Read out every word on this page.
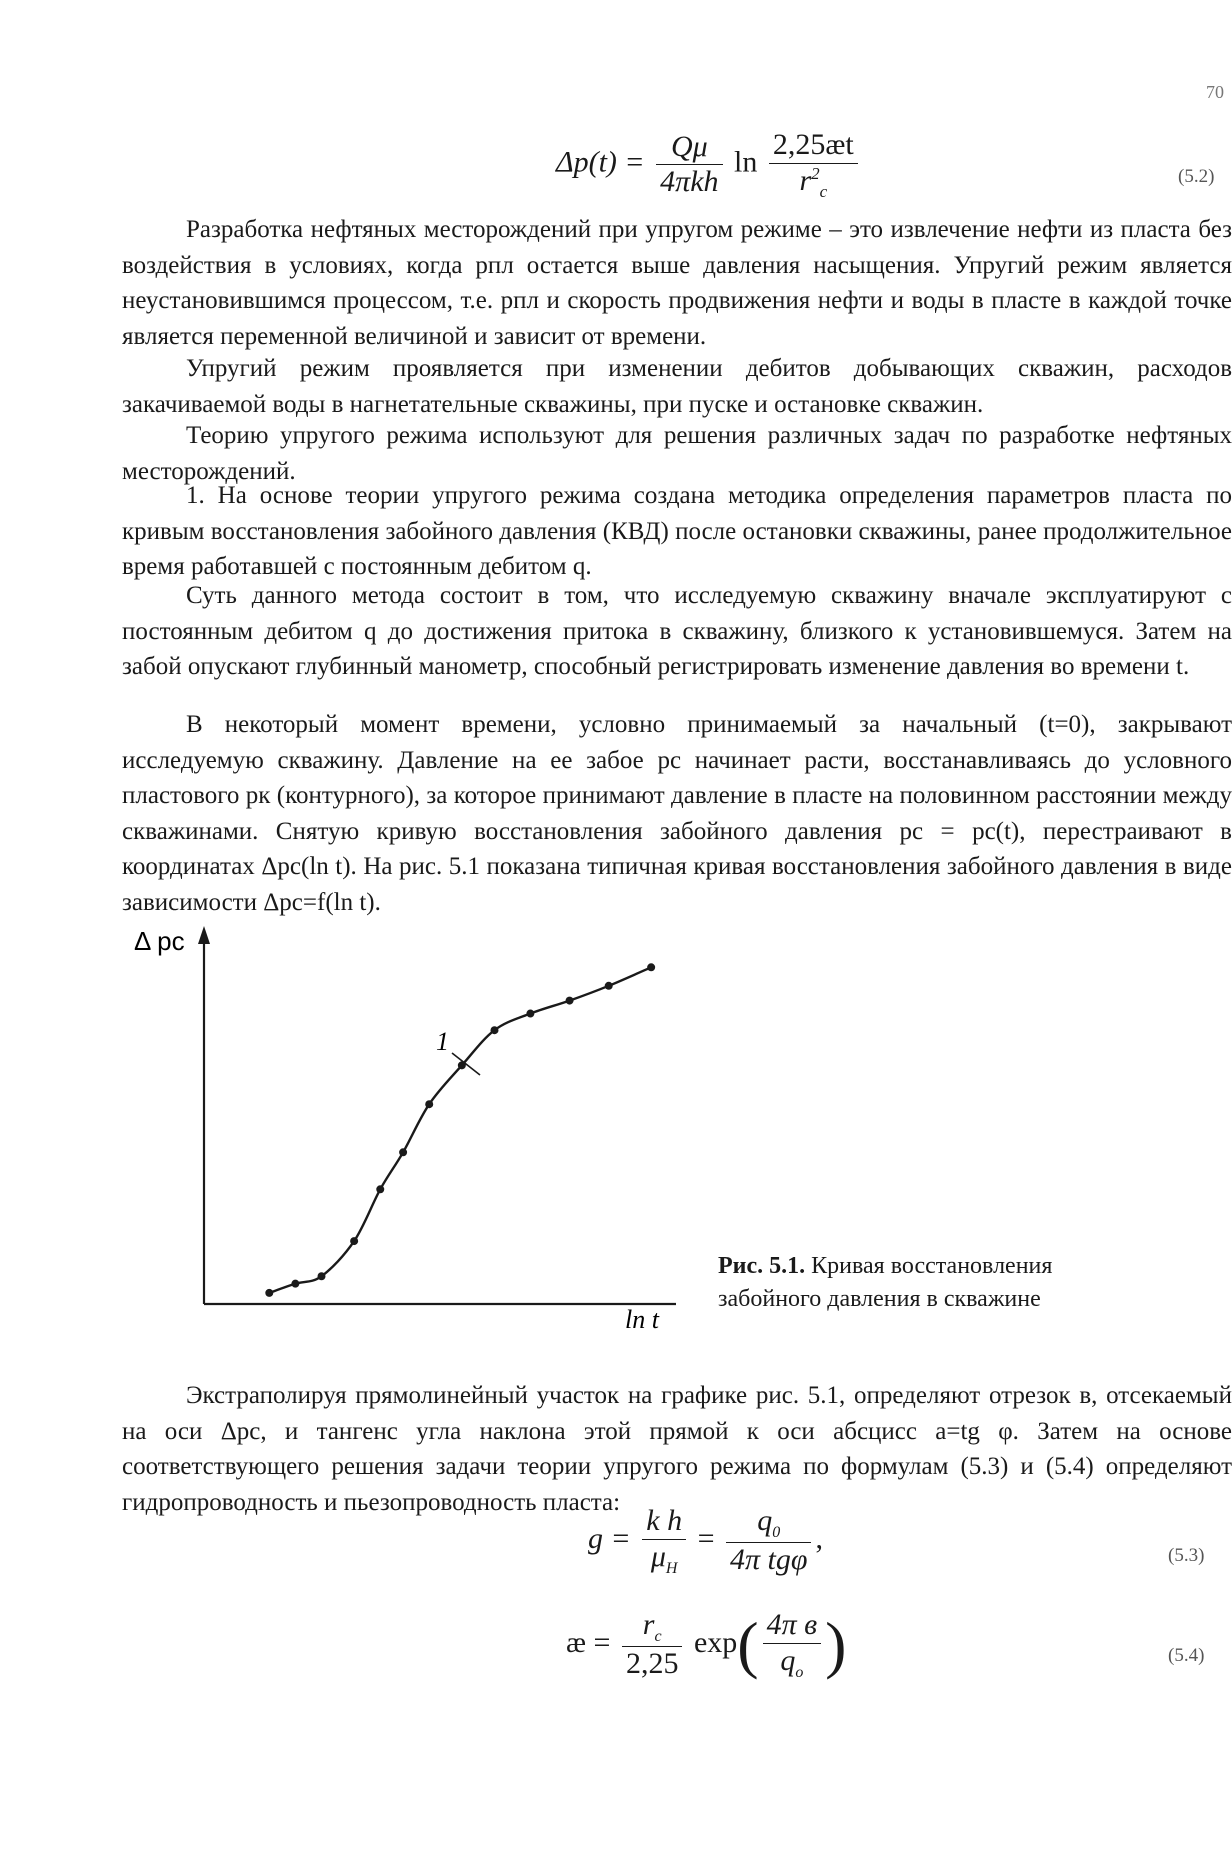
70
$\Delta p(t) = \frac{Q\mu}{\text{4πkh}}$ $\ln \frac{2,25æt}{r^2_c}$	(5.2)

Разработка нефтяных месторождений при упругом режиме – это извлечение нефти из пласта без воздействия в условиях, когда pпл остается выше давления насыщения. Упругий режим является неустановившимся процессом, т.е. pпл и скорость продвижения нефти и воды в пласте в каждой точке является переменной величиной и зависит от времени.

Упругий режим проявляется при изменении дебитов добывающих скважин, расходов закачиваемой воды в нагнетательные скважины, при пуске и остановке скважин.

Теорию упругого режима используют для решения различных задач по разработке нефтяных месторождений.

1. На основе теории упругого режима создана методика определения параметров пласта по кривым восстановления забойного давления (КВД) после остановки скважины, ранее продолжительное время работавшей с постоянным дебитом q.

Суть данного метода состоит в том, что исследуемую скважину вначале эксплуатируют с постоянным дебитом q до достижения притока в скважину, близкого к установившемуся. Затем на забой опускают глубинный манометр, способный регистрировать изменение давления во времени t.

В некоторый момент времени, условно принимаемый за начальный (t=0), закрывают исследуемую скважину. Давление на ее забое pс начинает расти, восстанавливаясь до условного пластового pк (контурного), за которое принимают давление в пласте на половинном расстоянии между скважинами. Снятую кривую восстановления забойного давления pс = pс(t), перестраивают в координатах Δpс(ln t). На рис. 5.1 показана типичная кривая восстановления забойного давления в виде зависимости Δpс=f(ln t).

Δ pc
ln t
1
Рис. 5.1. Кривая восстановления забойного давления в скважине

Экстраполируя прямолинейный участок на графике рис. 5.1, определяют отрезок в, отсекаемый на оси Δpс, и тангенс угла наклона этой прямой к оси абсцисс a=tg φ. Затем на основе соответствующего решения задачи теории упругого режима по формулам (5.3) и (5.4) определяют гидропроводность и пьезопроводность пласта:

$g = \frac{\text{k h}}{\mu_H} = \frac{q_0}{\text{4π tgφ}}$ ,
(5.3)
æ = $\frac{r_c}{2,25} \exp( \frac{\text{4π в}}{q_o}$ )	(5.4)
